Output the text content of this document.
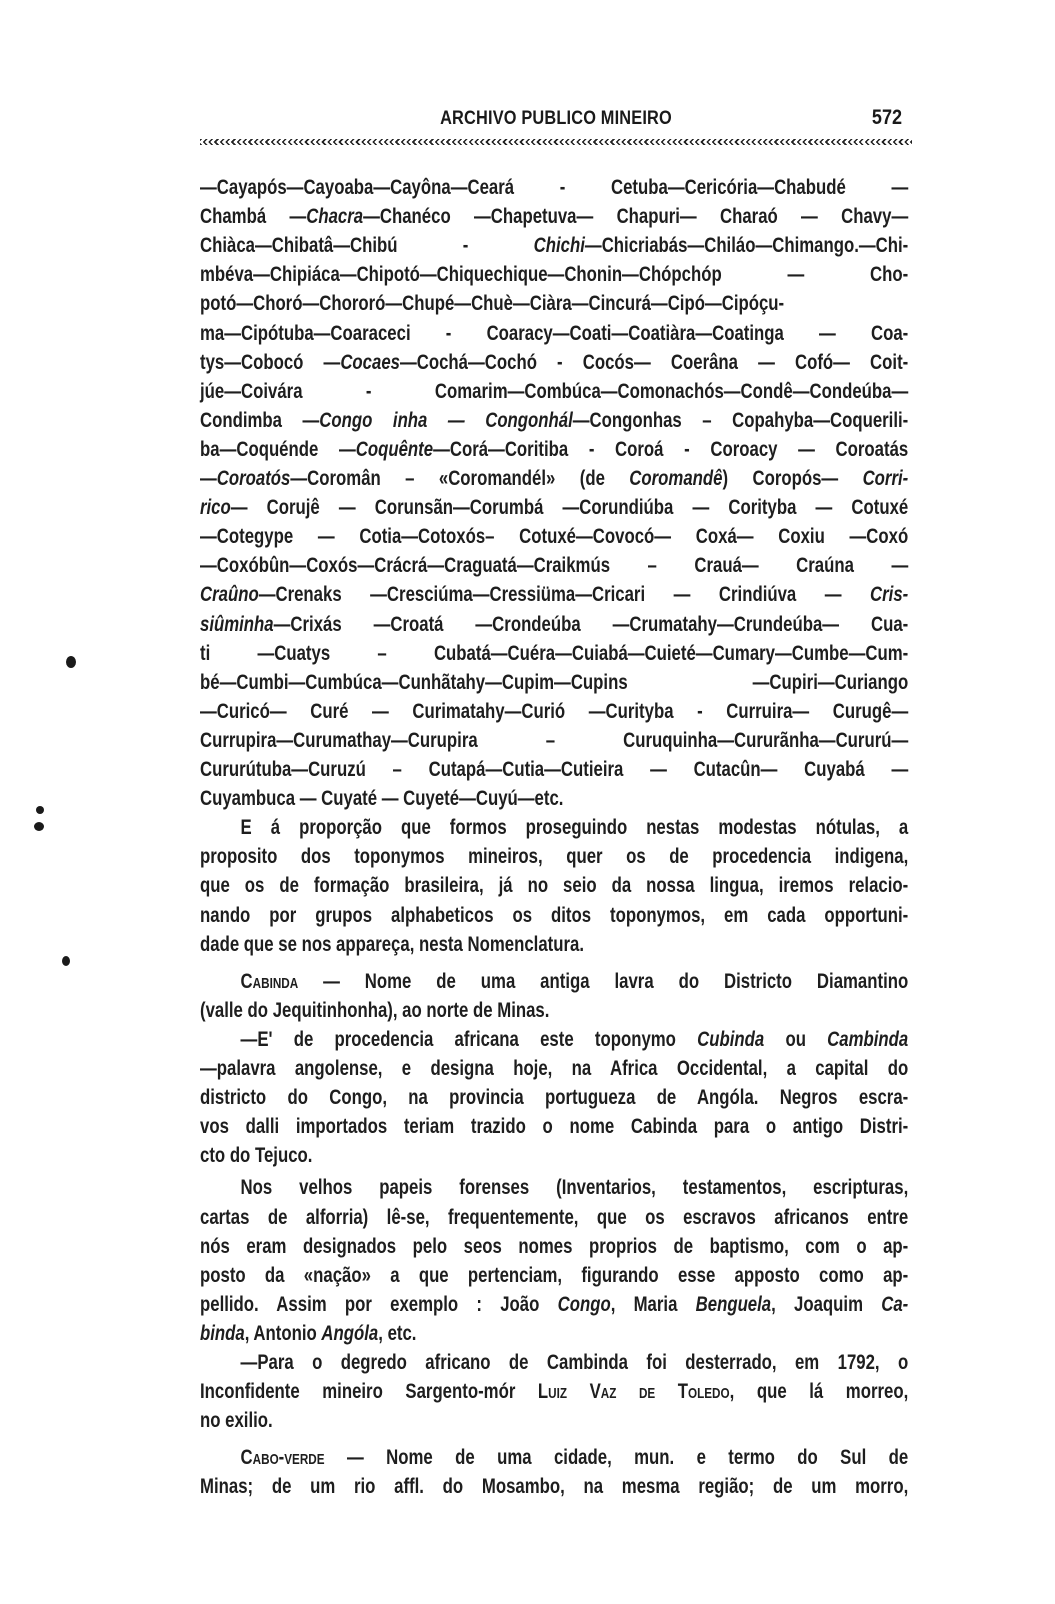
ARCHIVO PUBLICO MINEIRO	572
—Cayapós—Cayoaba—Cayôna—Ceará - Cetuba—Cericória—Chabudé —
Chambá —Chacra—Chanéco —Chapetuva— Chapuri— Charaó — Chavy—
Chiàca—Chibatâ—Chibú - Chichi—Chicriabás—Chiláo—Chimango.—Chi-
mbéva—Chipiáca—Chipotó—Chiquechique—Chonin—Chópchóp — Cho-
potó—Choró—Chororó—Chupé—Chuè—Ciàra—Cincurá—Cipó—Cipóçu-
ma—Cipótuba—Coaraceci - Coaracy—Coati—Coatiàra—Coatinga — Coa-
tys—Cobocó —Cocaes—Cochá—Cochó - Cocós— Coerâna — Cofó— Coit-
júe—Coivára - Comarim—Combúca—Comonachós—Condê—Condeúba—
Condimba —Congo inha — Congonhál—Congonhas – Copahyba—Coquerili-
ba—Coquénde —Coquênte—Corá—Coritiba - Coroá - Coroacy — Coroatás
—Coroatós—Coromân – «Coromandél» (de Coromandê) Coropós— Corri-
rico— Corujê — Corunsãn—Corumbá —Corundiúba — Corityba — Cotuxé
—Cotegype — Cotia—Cotoxós– Cotuxé—Covocó— Coxá— Coxiu —Coxó
—Coxóbûn—Coxós—Crácrá—Craguatá—Craikmús – Crauá— Craúna —
Craûno—Crenaks —Cresciúma—Cressiüma—Cricari — Crindiúva — Cris-
siûminha—Crixás —Croatá —Crondeúba —Crumatahy—Crundeúba— Cua-
ti —Cuatys – Cubatá—Cuéra—Cuiabá—Cuieté—Cumary—Cumbe—Cum-
bé—Cumbi—Cumbúca—Cunhãtahy—Cupim—Cupins —Cupiri—Curiango
—Curicó— Curé — Curimatahy—Curió —Curityba - Curruira— Curugê—
Currupira—Curumathay—Curupira – Curuquinha—Cururãnha—Cururú—
Cururútuba—Curuzú – Cutapá—Cutia—Cutieira — Cutacûn— Cuyabá —
Cuyambuca — Cuyaté — Cuyeté—Cuyú—etc.
E á proporção que formos proseguindo nestas modestas nótulas, a
proposito dos toponymos mineiros, quer os de procedencia indigena,
que os de formação brasileira, já no seio da nossa lingua, iremos relacio-
nando por grupos alphabeticos os ditos toponymos, em cada opportuni-
dade que se nos appareça, nesta Nomenclatura.
Cabinda — Nome de uma antiga lavra do Districto Diamantino
(valle do Jequitinhonha), ao norte de Minas.
—E' de procedencia africana este toponymo Cubinda ou Cambinda
—palavra angolense, e designa hoje, na Africa Occidental, a capital do
districto do Congo, na provincia portugueza de Angóla. Negros escra-
vos dalli importados teriam trazido o nome Cabinda para o antigo Distri-
cto do Tejuco.
Nos velhos papeis forenses (Inventarios, testamentos, escripturas,
cartas de alforria) lê-se, frequentemente, que os escravos africanos entre
nós eram designados pelo seos nomes proprios de baptismo, com o ap-
posto da «nação» a que pertenciam, figurando esse apposto como ap-
pellido. Assim por exemplo : João Congo, Maria Benguela, Joaquim Ca-
binda, Antonio Angóla, etc.
—Para o degredo africano de Cambinda foi desterrado, em 1792, o
Inconfidente mineiro Sargento-mór Luiz Vaz de Toledo, que lá morreo,
no exilio.
Cabo-verde — Nome de uma cidade, mun. e termo do Sul de
Minas; de um rio affl. do Mosambo, na mesma região; de um morro,
